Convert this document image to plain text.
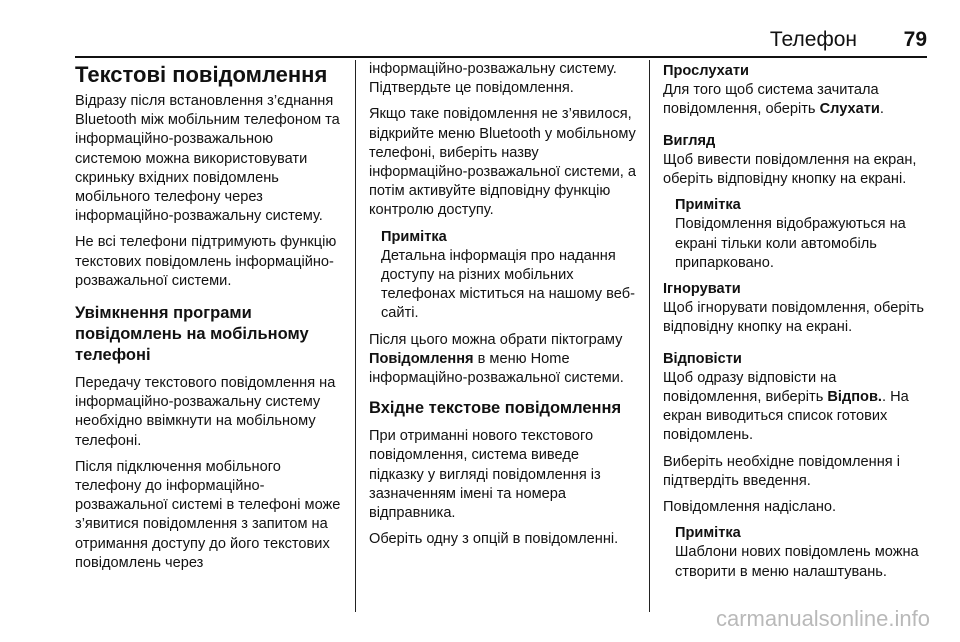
Телефон 79
Текстові повідомлення

Відразу після встановлення з’єднання Bluetooth між мобільним телефоном та інформаційно-розважальною системою можна використовувати скриньку вхідних повідомлень мобільного телефону через інформаційно-розважальну систему.

Не всі телефони підтримують функцію текстових повідомлень інформаційно-розважальної системи.

Увімкнення програми повідомлень на мобільному телефоні

Передачу текстового повідомлення на інформаційно-розважальну систему необхідно ввімкнути на мобільному телефоні.

Після підключення мобільного телефону до інформаційно-розважальної системі в телефоні може з’явитися повідомлення з запитом на отримання доступу до його текстових повідомлень через

інформаційно-розважальну систему. Підтвердьте це повідомлення.

Якщо таке повідомлення не з’явилося, відкрийте меню Bluetooth у мобільному телефоні, виберіть назву інформаційно-розважальної системи, а потім активуйте відповідну функцію контролю доступу.

Примітка
Детальна інформація про надання доступу на різних мобільних телефонах міститься на нашому веб-сайті.

Після цього можна обрати піктограму Повідомлення в меню Home інформаційно-розважальної системи.

Вхідне текстове повідомлення

При отриманні нового текстового повідомлення, система виведе підказку у вигляді повідомлення із зазначенням імені та номера відправника.

Оберіть одну з опцій в повідомленні.

Прослухати

Для того щоб система зачитала повідомлення, оберіть Слухати.

Вигляд

Щоб вивести повідомлення на екран, оберіть відповідну кнопку на екрані.

Примітка
Повідомлення відображуються на екрані тільки коли автомобіль припарковано.
Ігнорувати

Щоб ігнорувати повідомлення, оберіть відповідну кнопку на екрані.

Відповісти

Щоб одразу відповісти на повідомлення, виберіть Відпов.. На екран виводиться список готових повідомлень.

Виберіть необхідне повідомлення і підтвердіть введення.

Повідомлення надіслано.

Примітка
Шаблони нових повідомлень можна створити в меню налаштувань.
carmanualsonline.info
